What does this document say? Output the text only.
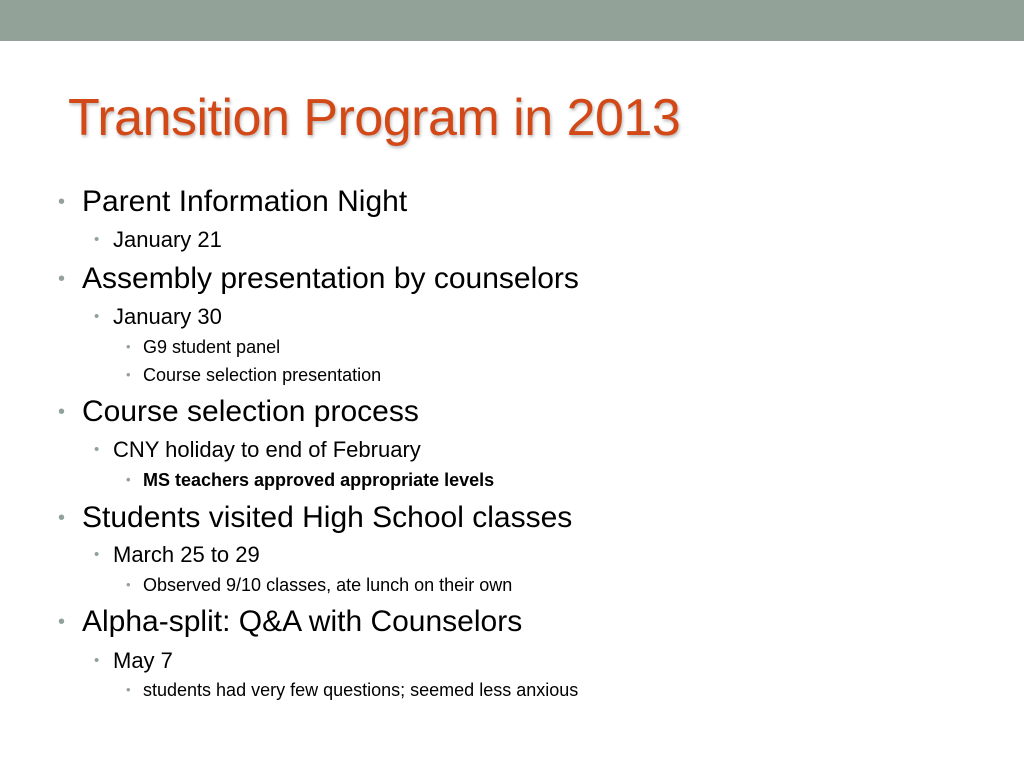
Transition Program in 2013
• Parent Information Night
• January 21
• Assembly presentation by counselors
• January 30
• G9 student panel
• Course selection presentation
• Course selection process
• CNY holiday to end of February
• MS teachers approved appropriate levels
• Students visited High School classes
• March 25 to 29
• Observed 9/10 classes, ate lunch on their own
• Alpha-split: Q&A with Counselors
• May 7
• students had very few questions; seemed less anxious
